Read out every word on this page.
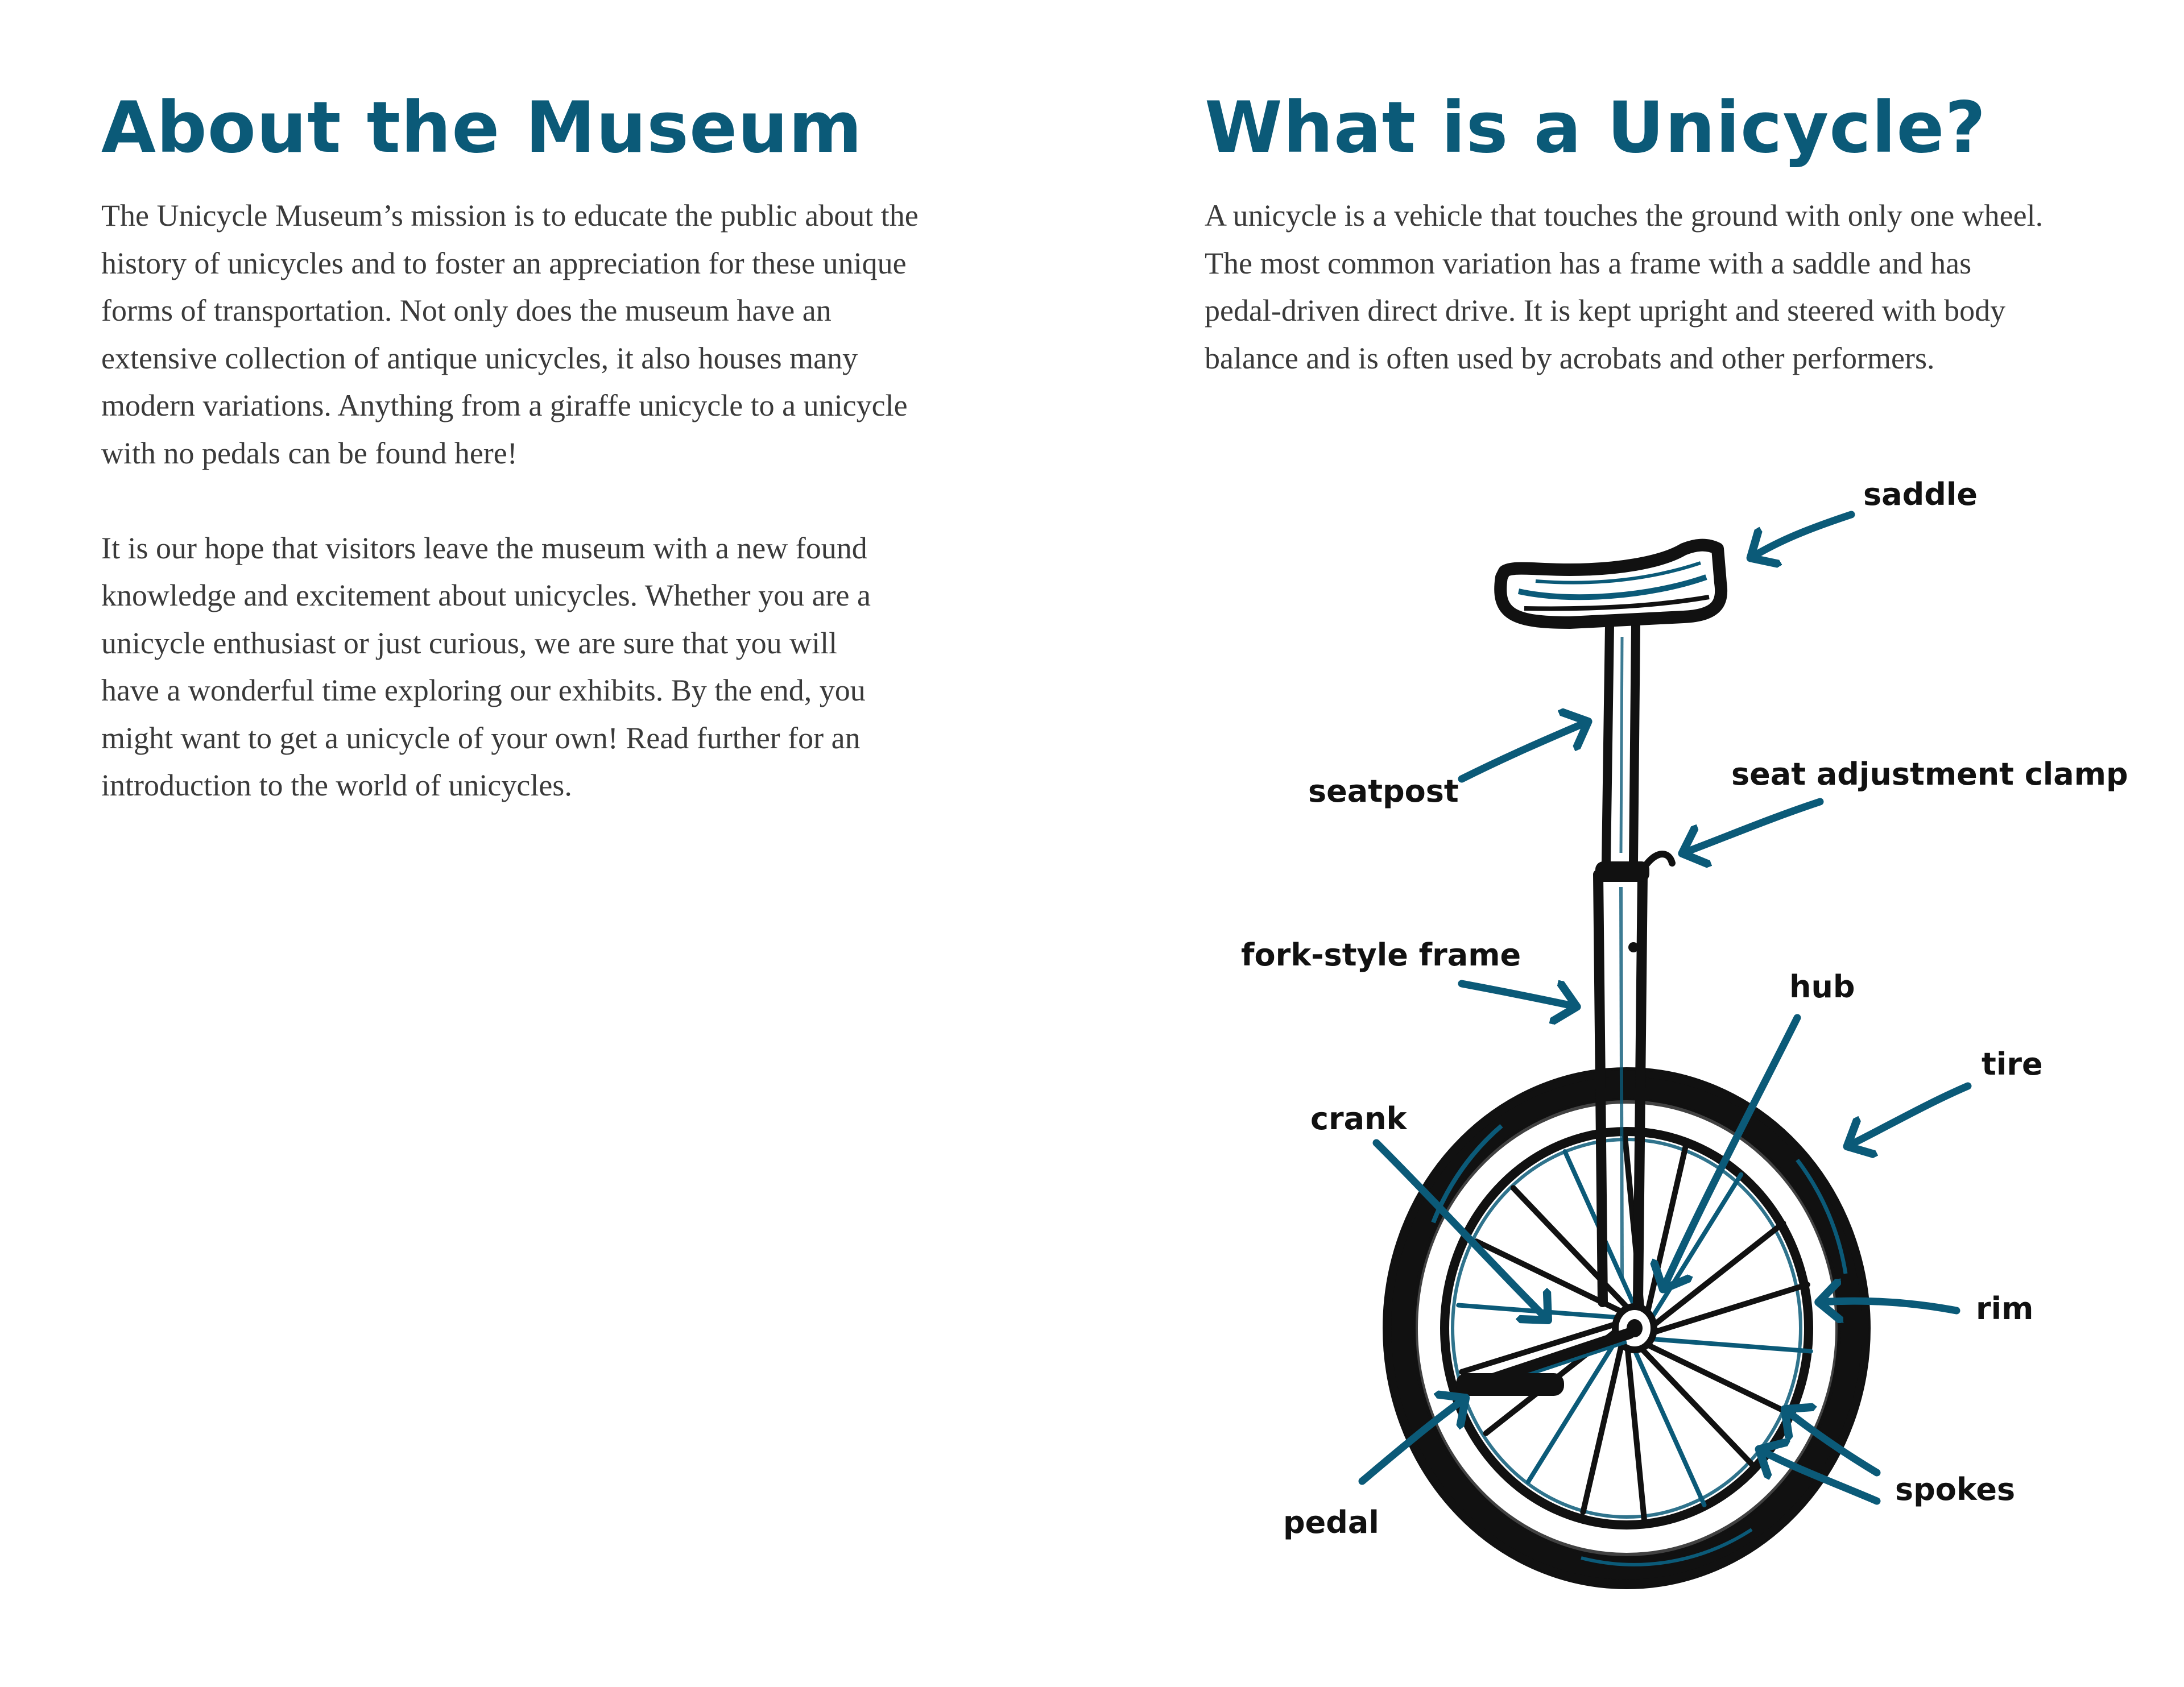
About the Museum
The Unicycle Museum’s mission is to educate the public about the
history of unicycles and to foster an appreciation for these unique
forms of transportation. Not only does the museum have an
extensive collection of antique unicycles, it also houses many
modern variations. Anything from a giraffe unicycle to a unicycle
with no pedals can be found here!
It is our hope that visitors leave the museum with a new found
knowledge and excitement about unicycles. Whether you are a
unicycle enthusiast or just curious, we are sure that you will
have a wonderful time exploring our exhibits. By the end, you
might want to get a unicycle of your own! Read further for an
introduction to the world of unicycles.
What is a Unicycle?
A unicycle is a vehicle that touches the ground with only one wheel.
The most common variation has a frame with a saddle and has
pedal-driven direct drive. It is kept upright and steered with body
balance and is often used by acrobats and other performers.
saddle
seatpost	seat adjustment clamp
fork-style frame
hub
tire
crank
rim
spokes
pedal
